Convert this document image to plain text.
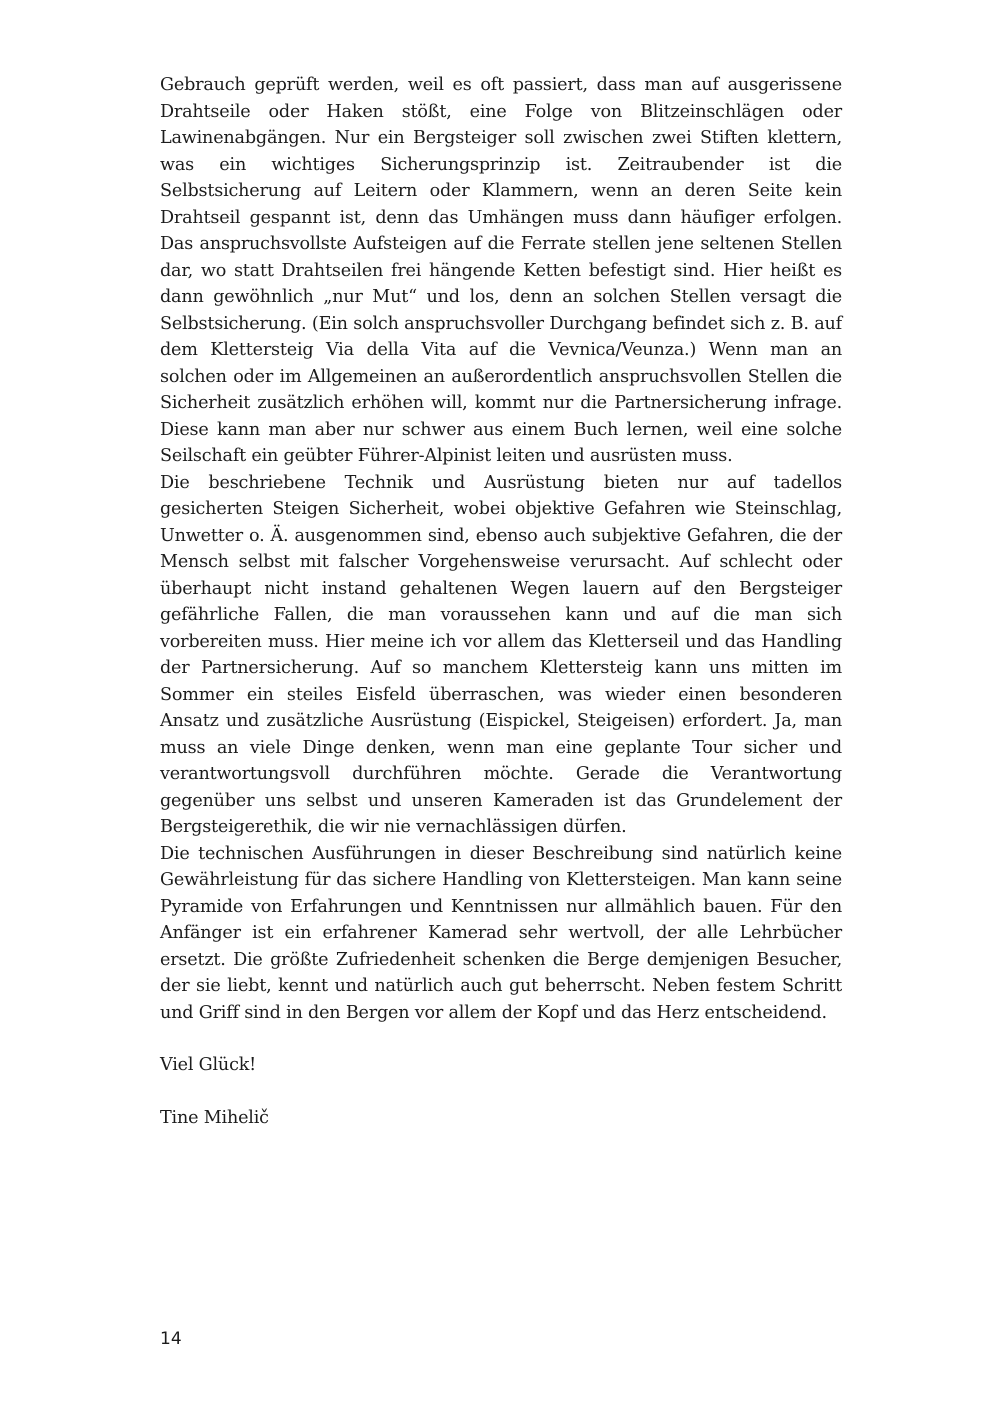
Gebrauch geprüft werden, weil es oft passiert, dass man auf ausgerissene Drahtseile oder Haken stößt, eine Folge von Blitzeinschlägen oder Lawinenabgängen. Nur ein Bergsteiger soll zwischen zwei Stiften klettern, was ein wichtiges Sicherungsprinzip ist. Zeitraubender ist die Selbstsicherung auf Leitern oder Klammern, wenn an deren Seite kein Drahtseil gespannt ist, denn das Umhängen muss dann häufiger erfolgen. Das anspruchsvollste Aufsteigen auf die Ferrate stellen jene seltenen Stellen dar, wo statt Drahtseilen frei hängende Ketten befestigt sind. Hier heißt es dann gewöhnlich „nur Mut“ und los, denn an solchen Stellen versagt die Selbstsicherung. (Ein solch anspruchsvoller Durchgang befindet sich z. B. auf dem Klettersteig Via della Vita auf die Vevnica/Veunza.) Wenn man an solchen oder im Allgemeinen an außerordentlich anspruchsvollen Stellen die Sicherheit zusätzlich erhöhen will, kommt nur die Partnersicherung infrage. Diese kann man aber nur schwer aus einem Buch lernen, weil eine solche Seilschaft ein geübter Führer-Alpinist leiten und ausrüsten muss.

Die beschriebene Technik und Ausrüstung bieten nur auf tadellos gesicherten Steigen Sicherheit, wobei objektive Gefahren wie Steinschlag, Unwetter o. Ä. ausgenommen sind, ebenso auch subjektive Gefahren, die der Mensch selbst mit falscher Vorgehensweise verursacht. Auf schlecht oder überhaupt nicht instand gehaltenen Wegen lauern auf den Bergsteiger gefährliche Fallen, die man voraussehen kann und auf die man sich vorbereiten muss. Hier meine ich vor allem das Kletterseil und das Handling der Partnersicherung. Auf so manchem Klettersteig kann uns mitten im Sommer ein steiles Eisfeld überraschen, was wieder einen besonderen Ansatz und zusätzliche Ausrüstung (Eispickel, Steigeisen) erfordert. Ja, man muss an viele Dinge denken, wenn man eine geplante Tour sicher und verantwortungsvoll durchführen möchte. Gerade die Verantwortung gegenüber uns selbst und unseren Kameraden ist das Grundelement der Bergsteigerethik, die wir nie vernachlässigen dürfen.

Die technischen Ausführungen in dieser Beschreibung sind natürlich keine Gewährleistung für das sichere Handling von Klettersteigen. Man kann seine Pyramide von Erfahrungen und Kenntnissen nur allmählich bauen. Für den Anfänger ist ein erfahrener Kamerad sehr wertvoll, der alle Lehrbücher ersetzt. Die größte Zufriedenheit schenken die Berge demjenigen Besucher, der sie liebt, kennt und natürlich auch gut beherrscht. Neben festem Schritt und Griff sind in den Bergen vor allem der Kopf und das Herz entscheidend.

Viel Glück!

Tine Mihelič

14
